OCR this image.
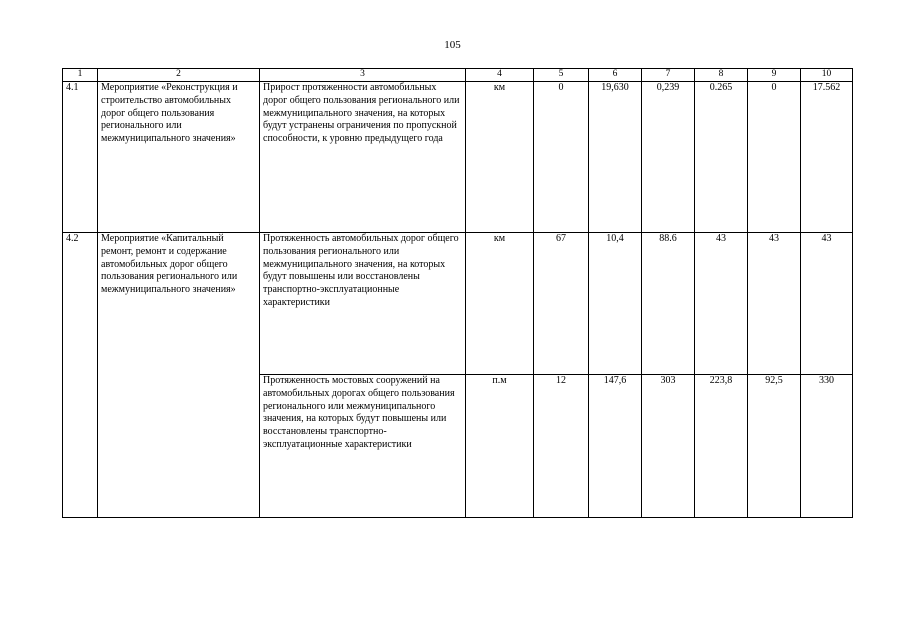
105
1	2	3	4	5	6	7	8	9	10
4.1	Мероприятие «Реконструкция и строительство автомобильных дорог общего пользования регионального или межмуниципального значения»	Прирост протяженности автомобильных дорог общего пользования регионального или межмуниципального значения, на которых будут устранены ограничения по пропускной способности, к уровню предыдущего года	км	0	19,630	0,239	0.265	0	17.562
4.2	Мероприятие «Капитальный ремонт, ремонт и содержание автомобильных дорог общего пользования регионального или межмуниципального значения»	Протяженность автомобильных дорог общего пользования регионального или межмуниципального значения, на которых будут повышены или восстановлены транспортно-эксплуатационные характеристики	км	67	10,4	88.6	43	43	43
		Протяженность мостовых сооружений на автомобильных дорогах общего пользования регионального или межмуниципального значения, на которых будут повышены или восстановлены транспортно-эксплуатационные характеристики	п.м	12	147,6	303	223,8	92,5	330
